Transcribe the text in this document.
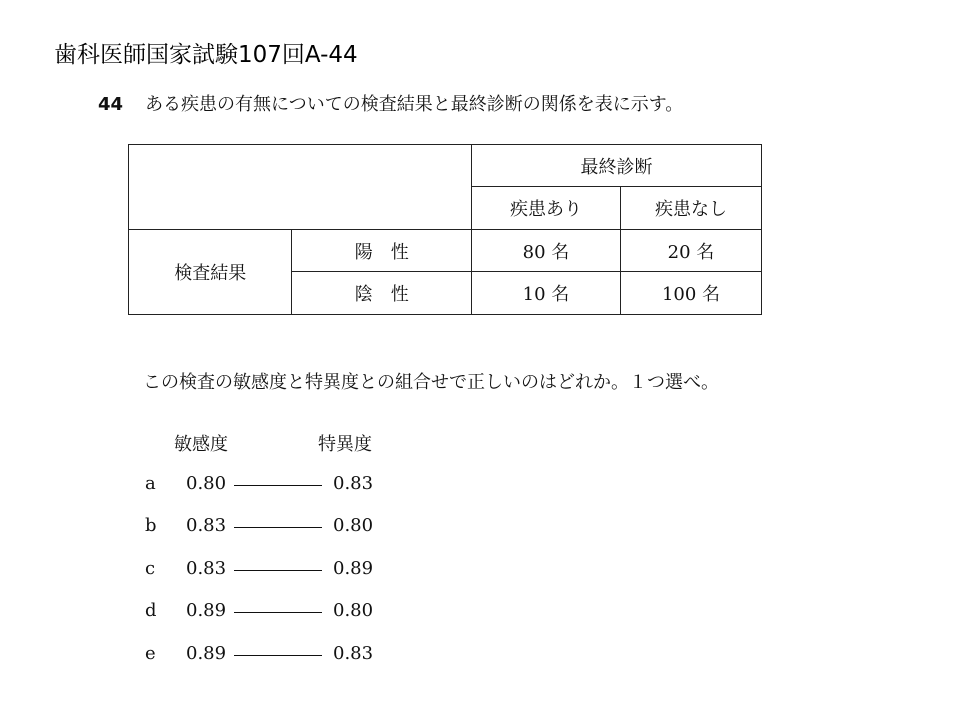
歯科医師国家試験107回A-44
44 ある疾患の有無についての検査結果と最終診断の関係を表に示す。
		最終診断	
		疾患あり	疾患なし
検査結果	陽　性	80 名	20 名
	陰　性	10 名	100 名
この検査の敏感度と特異度との組合せで正しいのはどれか。１つ選べ。
敏感度	特異度
a 0.80	0.83
b 0.83	0.80
c 0.83	0.89
d 0.89	0.80
e 0.89	0.83
